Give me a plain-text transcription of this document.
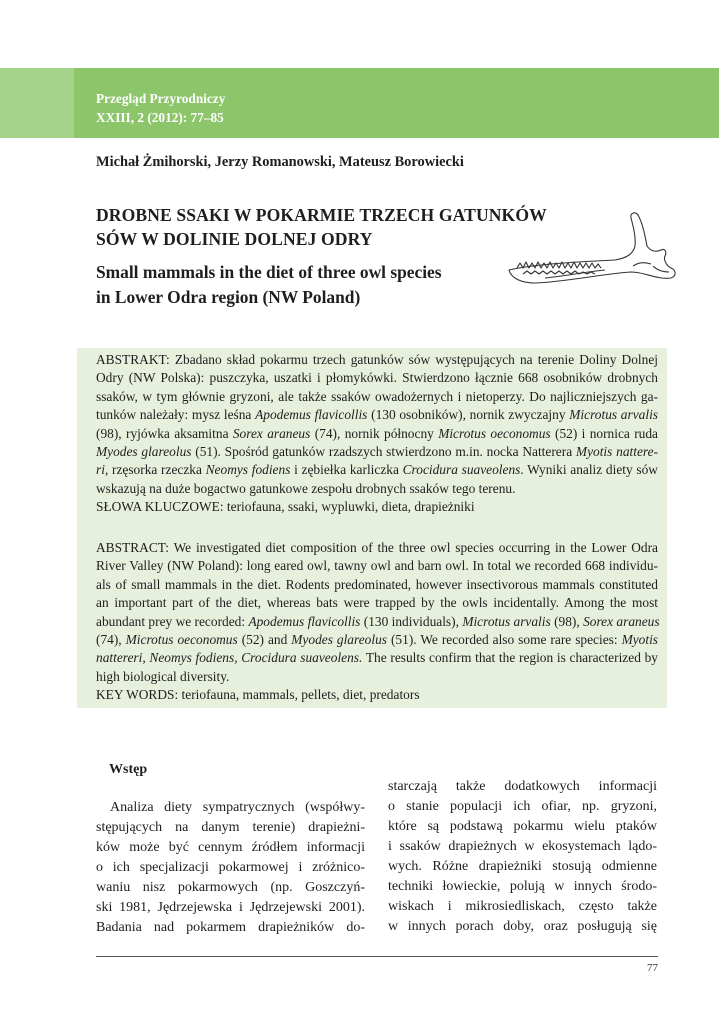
Przegląd Przyrodniczy
XXIII, 2 (2012): 77–85
Michał Żmihorski, Jerzy Romanowski, Mateusz Borowiecki
DROBNE SSAKI W POKARMIE TRZECH GATUNKÓW
SÓW W DOLINIE DOLNEJ ODRY
Small mammals in the diet of three owl species
in Lower Odra region (NW Poland)
ABSTRAKT: Zbadano skład pokarmu trzech gatunków sów występujących na terenie Doliny Dolnej
Odry (NW Polska): puszczyka, uszatki i płomykówki. Stwierdzono łącznie 668 osobników drobnych
ssaków, w tym głównie gryzoni, ale także ssaków owadożernych i nietoperzy. Do najliczniejszych ga-
tunków należały: mysz leśna Apodemus flavicollis (130 osobników), nornik zwyczajny Microtus arvalis
(98), ryjówka aksamitna Sorex araneus (74), nornik północny Microtus oeconomus (52) i nornica ruda
Myodes glareolus (51). Spośród gatunków rzadszych stwierdzono m.in. nocka Natterera Myotis nattere-
ri, rzęsorka rzeczka Neomys fodiens i zębiełka karliczka Crocidura suaveolens. Wyniki analiz diety sów
wskazują na duże bogactwo gatunkowe zespołu drobnych ssaków tego terenu.
SŁOWA KLUCZOWE: teriofauna, ssaki, wypluwki, dieta, drapieżniki
ABSTRACT: We investigated diet composition of the three owl species occurring in the Lower Odra
River Valley (NW Poland): long eared owl, tawny owl and barn owl. In total we recorded 668 individu-
als of small mammals in the diet. Rodents predominated, however insectivorous mammals constituted
an important part of the diet, whereas bats were trapped by the owls incidentally. Among the most
abundant prey we recorded: Apodemus flavicollis (130 individuals), Microtus arvalis (98), Sorex araneus
(74), Microtus oeconomus (52) and Myodes glareolus (51). We recorded also some rare species: Myotis
nattereri, Neomys fodiens, Crocidura suaveolens. The results confirm that the region is characterized by
high biological diversity.
KEY WORDS: teriofauna, mammals, pellets, diet, predators
Wstęp
Analiza diety sympatrycznych (współwy-
stępujących na danym terenie) drapieżni-
ków może być cennym źródłem informacji
o ich specjalizacji pokarmowej i zróżnico-
waniu nisz pokarmowych (np. Goszczyń-
ski 1981, Jędrzejewska i Jędrzejewski 2001).
Badania nad pokarmem drapieżników do-
starczają także dodatkowych informacji
o stanie populacji ich ofiar, np. gryzoni,
które są podstawą pokarmu wielu ptaków
i ssaków drapieżnych w ekosystemach lądo-
wych. Różne drapieżniki stosują odmienne
techniki łowieckie, polują w innych środo-
wiskach i mikrosiedliskach, często także
w innych porach doby, oraz posługują się
77
